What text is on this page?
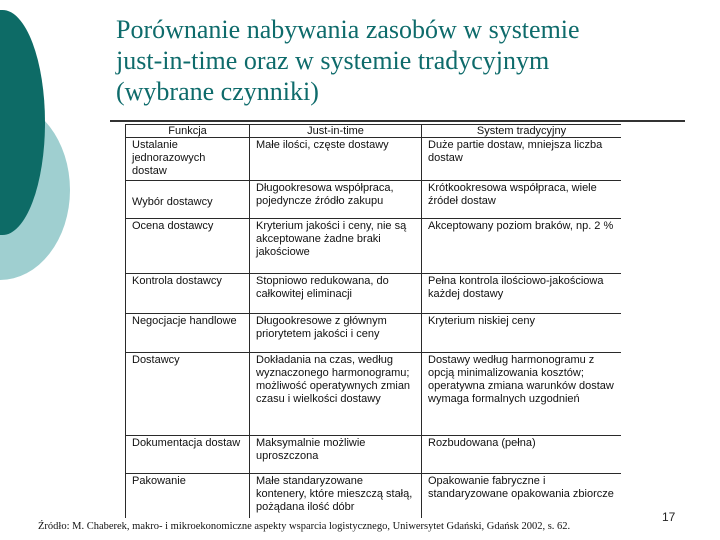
Porównanie nabywania zasobów w systemie
just-in-time oraz w systemie tradycyjnym
(wybrane czynniki)
Funkcja	Just-in-time	System tradycyjny
Ustalanie jednorazowych dostaw	Małe ilości, częste dostawy	Duże partie dostaw, mniejsza liczba dostaw

Wybór dostawcy	Długookresowa współpraca, pojedyncze źródło zakupu	Krótkookresowa współpraca, wiele źródeł dostaw
Ocena dostawcy	Kryterium jakości i ceny, nie są akceptowane żadne braki jakościowe	Akceptowany poziom braków, np. 2 %
Kontrola dostawcy	Stopniowo redukowana, do całkowitej eliminacji	Pełna kontrola ilościowo-jakościowa każdej dostawy
Negocjacje handlowe	Długookresowe z głównym priorytetem jakości i ceny	Kryterium niskiej ceny
Dostawcy	Dokładania na czas, według wyznaczonego harmonogramu; możliwość operatywnych zmian czasu i wielkości dostawy	Dostawy według harmonogramu z opcją minimalizowania kosztów; operatywna zmiana warunków dostaw wymaga formalnych uzgodnień
Dokumentacja dostaw	Maksymalnie możliwie uproszczona	Rozbudowana (pełna)
Pakowanie	Małe standaryzowane kontenery, które mieszczą stałą, pożądana ilość dóbr	Opakowanie fabryczne i standaryzowane opakowania zbiorcze
Źródło: M. Chaberek, makro- i mikroekonomiczne aspekty wsparcia logistycznego, Uniwersytet Gdański, Gdańsk 2002, s. 62.
17
